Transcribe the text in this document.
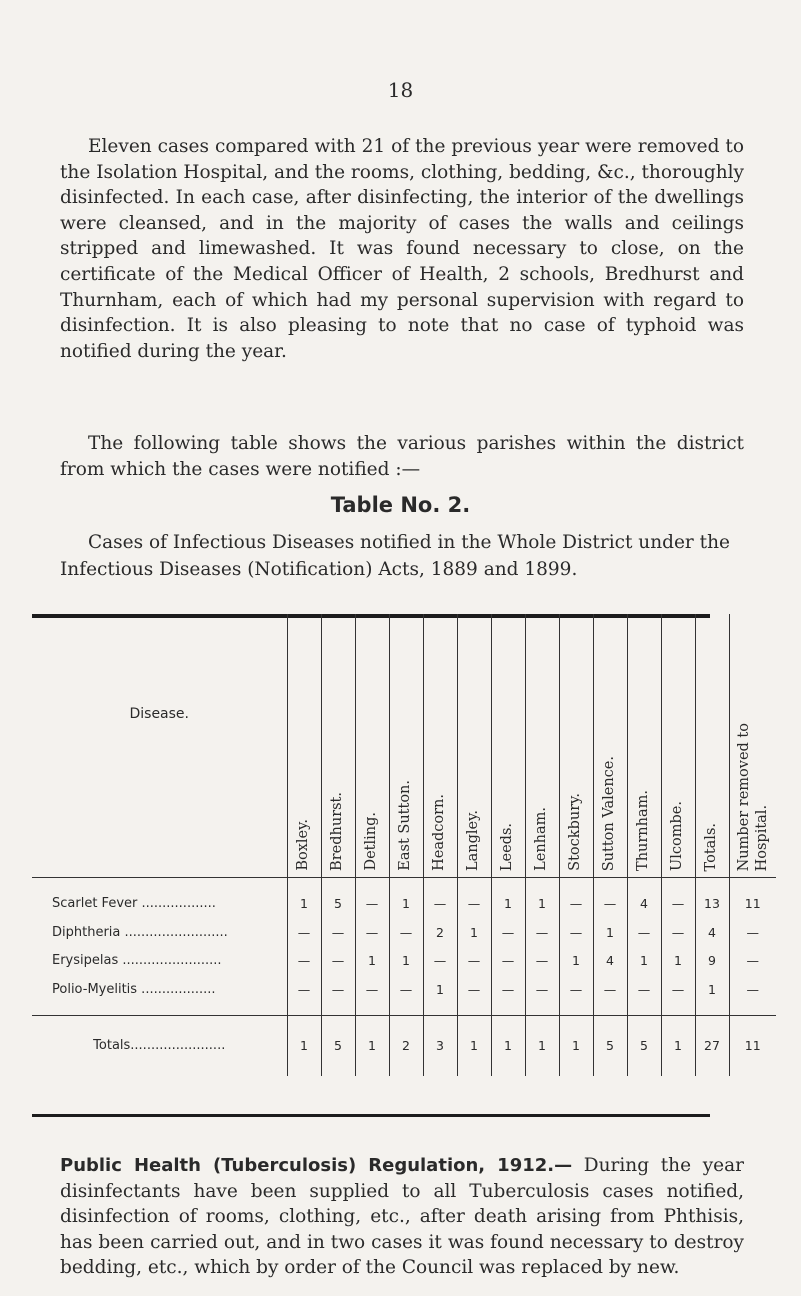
18

Eleven cases compared with 21 of the previous year were removed to the Isolation Hospital, and the rooms, clothing, bedding, &c., thoroughly disinfected. In each case, after disinfecting, the interior of the dwellings were cleansed, and in the majority of cases the walls and ceilings stripped and limewashed. It was found necessary to close, on the certificate of the Medical Officer of Health, 2 schools, Bredhurst and Thurnham, each of which had my personal supervision with regard to disinfection. It is also pleasing to note that no case of typhoid was notified during the year.

The following table shows the various parishes within the district from which the cases were notified :—

Table No. 2.

Cases of Infectious Diseases notified in the Whole District under the Infectious Diseases (Notification) Acts, 1889 and 1899.

Disease.	Boxley.	Bredhurst.	Detling.	East Sutton.	Headcorn.	Langley.	Leeds.	Lenham.	Stockbury.	Sutton Valence.	Thurnham.	Ulcombe.	Totals.	Number removed to Hospital.

Scarlet Fever ..................	1	5	—	1	—	—	1	1	—	—	4	—	13	11
Diphtheria .........................	—	—	—	—	2	1	—	—	—	1	—	—	4	—
Erysipelas ........................	—	—	1	1	—	—	—	—	1	4	1	1	9	—
Polio-Myelitis ..................	—	—	—	—	1	—	—	—	—	—	—	—	1	—

Totals.......................	1	5	1	2	3	1	1	1	1	5	5	1	27	11

Public Health (Tuberculosis) Regulation, 1912.— During the year disinfectants have been supplied to all Tuberculosis cases notified, disinfection of rooms, clothing, etc., after death arising from Phthisis, has been carried out, and in two cases it was found necessary to destroy bedding, etc., which by order of the Council was replaced by new.
